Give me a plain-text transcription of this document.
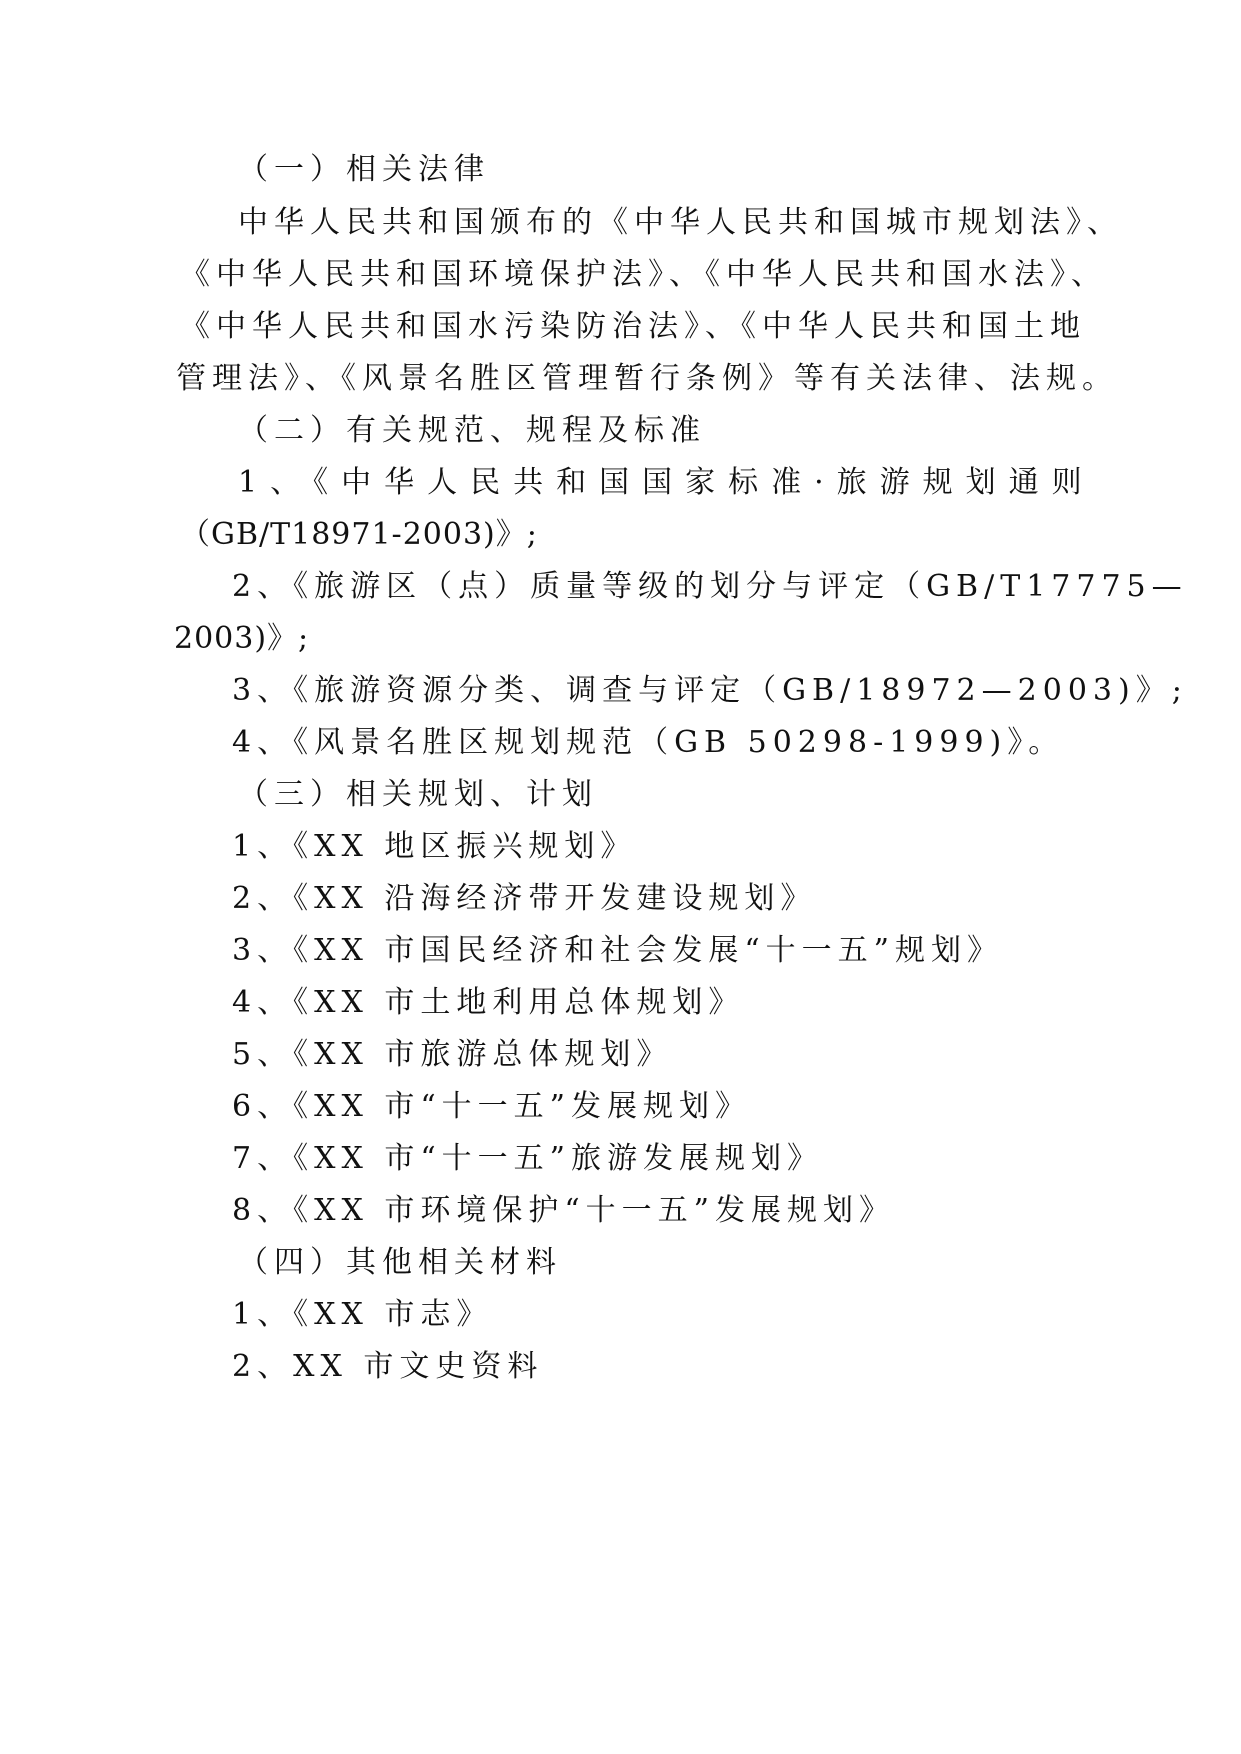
（一）相关法律
中华人民共和国颁布的《中华人民共和国城市规划法》、
《中华人民共和国环境保护法》、《中华人民共和国水法》、
《中华人民共和国水污染防治法》、《中华人民共和国土地
管理法》、《风景名胜区管理暂行条例》等有关法律、法规。
（二）有关规范、规程及标准
1、《中华人民共和国国家标准·旅游规划通则
（GB/T18971-2003)》;
2、《旅游区（点）质量等级的划分与评定（GB/T17775—
2003)》;
3、《旅游资源分类、调查与评定（GB/18972—2003)》;
4、《风景名胜区规划规范（GB 50298-1999)》。
（三）相关规划、计划
1、《XX 地区振兴规划》
2、《XX 沿海经济带开发建设规划》
3、《XX 市国民经济和社会发展“十一五”规划》
4、《XX 市土地利用总体规划》
5、《XX 市旅游总体规划》
6、《XX 市“十一五”发展规划》
7、《XX 市“十一五”旅游发展规划》
8、《XX 市环境保护“十一五”发展规划》
（四）其他相关材料
1、《XX 市志》
2、XX 市文史资料
